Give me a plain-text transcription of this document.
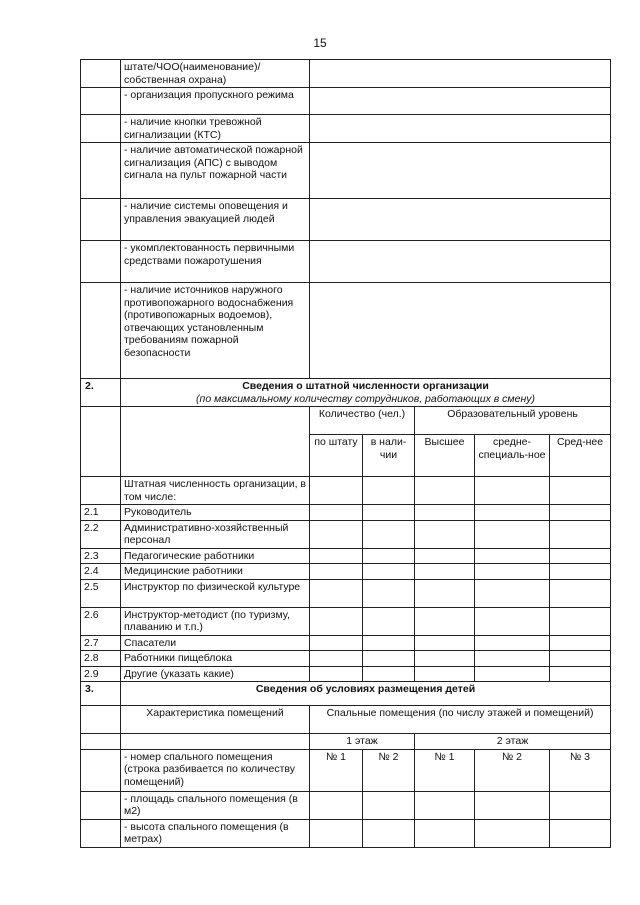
15
	штате/ЧОО(наименование)/ собственная охрана)					
	- организация пропускного режима					
	- наличие кнопки тревожной сигнализации (КТС)					
	- наличие автоматической пожарной сигнализация (АПС) с выводом сигнала на пульт пожарной части					
	- наличие системы оповещения и управления эвакуацией людей					
	- укомплектованность первичными средствами пожаротушения					
	- наличие источников наружного противопожарного водоснабжения (противопожарных водоемов), отвечающих установленным требованиям пожарной безопасности					
2.	Сведения о штатной численности организации
(по максимальному количеству сотрудников, работающих в смену)					

		Количество (чел.)		Образовательный уровень		
		по штату	в нали-чии	Высшее	средне-специаль-ное	Сред-нее
	Штатная численность организации, в том числе:					
2.1	Руководитель					
2.2	Административно-хозяйственный персонал					
2.3	Педагогические работники					
2.4	Медицинские работники					
2.5	Инструктор по физической культуре					
2.6	Инструктор-методист (по туризму, плаванию и т.п.)					
2.7	Спасатели					
2.8	Работники пищеблока					
2.9	Другие (указать какие)					
3.	Сведения об условиях размещения детей					
	Характеристика помещений	Спальные помещения (по числу этажей и помещений)				
		1 этаж		2 этаж		
	- номер спального помещения (строка разбивается по количеству помещений)	№ 1	№ 2	№ 1	№ 2	№ 3
	- площадь спального помещения (в м2)					
	- высота спального помещения (в метрах)					
